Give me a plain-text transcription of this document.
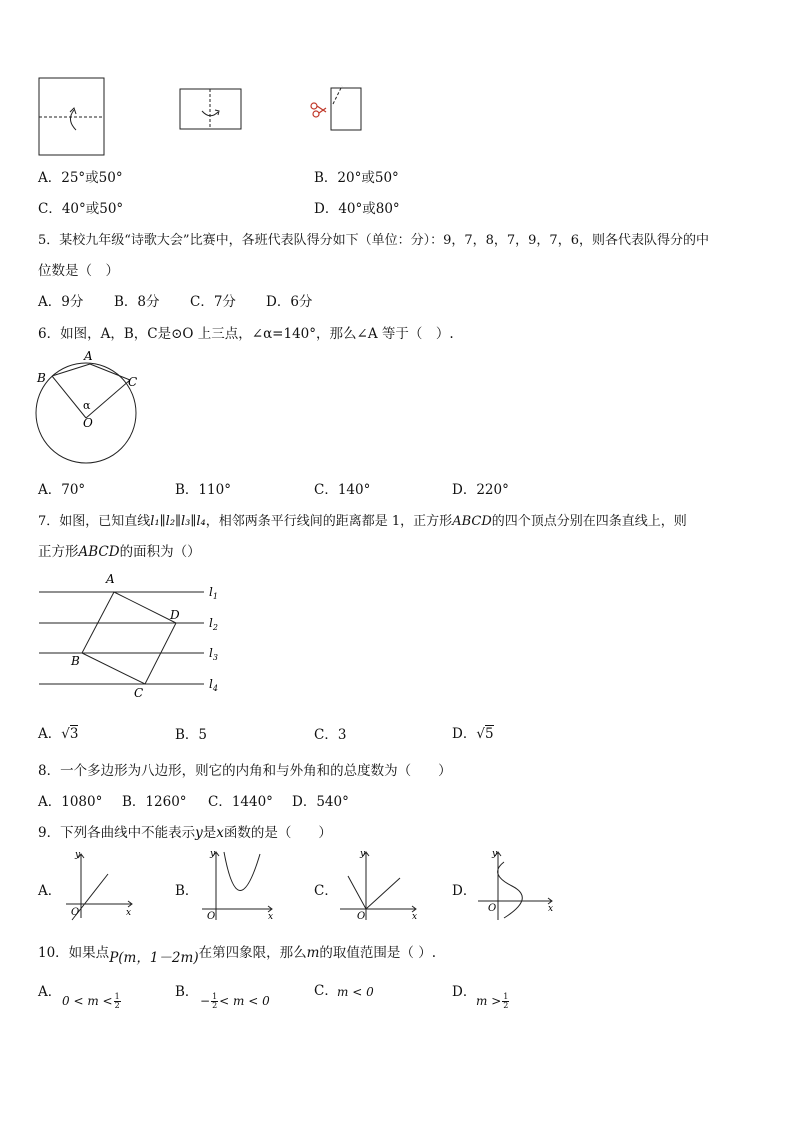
A．25°或50°	B．20°或50°
C．40°或50°	D．40°或80°
5．某校九年级“诗歌大会”比赛中，各班代表队得分如下（单位：分）：9，7，8，7，9，7，6，则各代表队得分的中
位数是（　）
A．9分 B．8分 C．7分 D．6分
6．如图，A，B，C是⊙O 上三点，∠α=140°，那么∠A 等于（　）.
A
B	C
α
O
A．70°	B．110°	C．140°	D．220°
7．如图，已知直线l₁∥l₂∥l₃∥l₄，相邻两条平行线间的距离都是 1，正方形ABCD的四个顶点分别在四条直线上，则
正方形ABCD的面积为（）
A
D
B
C
$l_1$
$l_2$
$l_3$
$l_4$
A．√3	B．5	C．3	D．√5
8．一个多边形为八边形，则它的内角和与外角和的总度数为（　　）
A．1080° B．1260° C．1440° D．540°
9．下列各曲线中不能表示y是x函数的是（　　）
A．
y
x
O
B．
y
x
O
C．
y
x
O
D．
y
x
O
10．如果点P(m，1－2m)在第四象限，那么m的取值范围是（ ）.
A．
$0 < m < \frac{1}{2}$
B．
− $\frac{1}{2} < m < 0$
C． m < 0	D．
$m > \frac{1}{2}$
